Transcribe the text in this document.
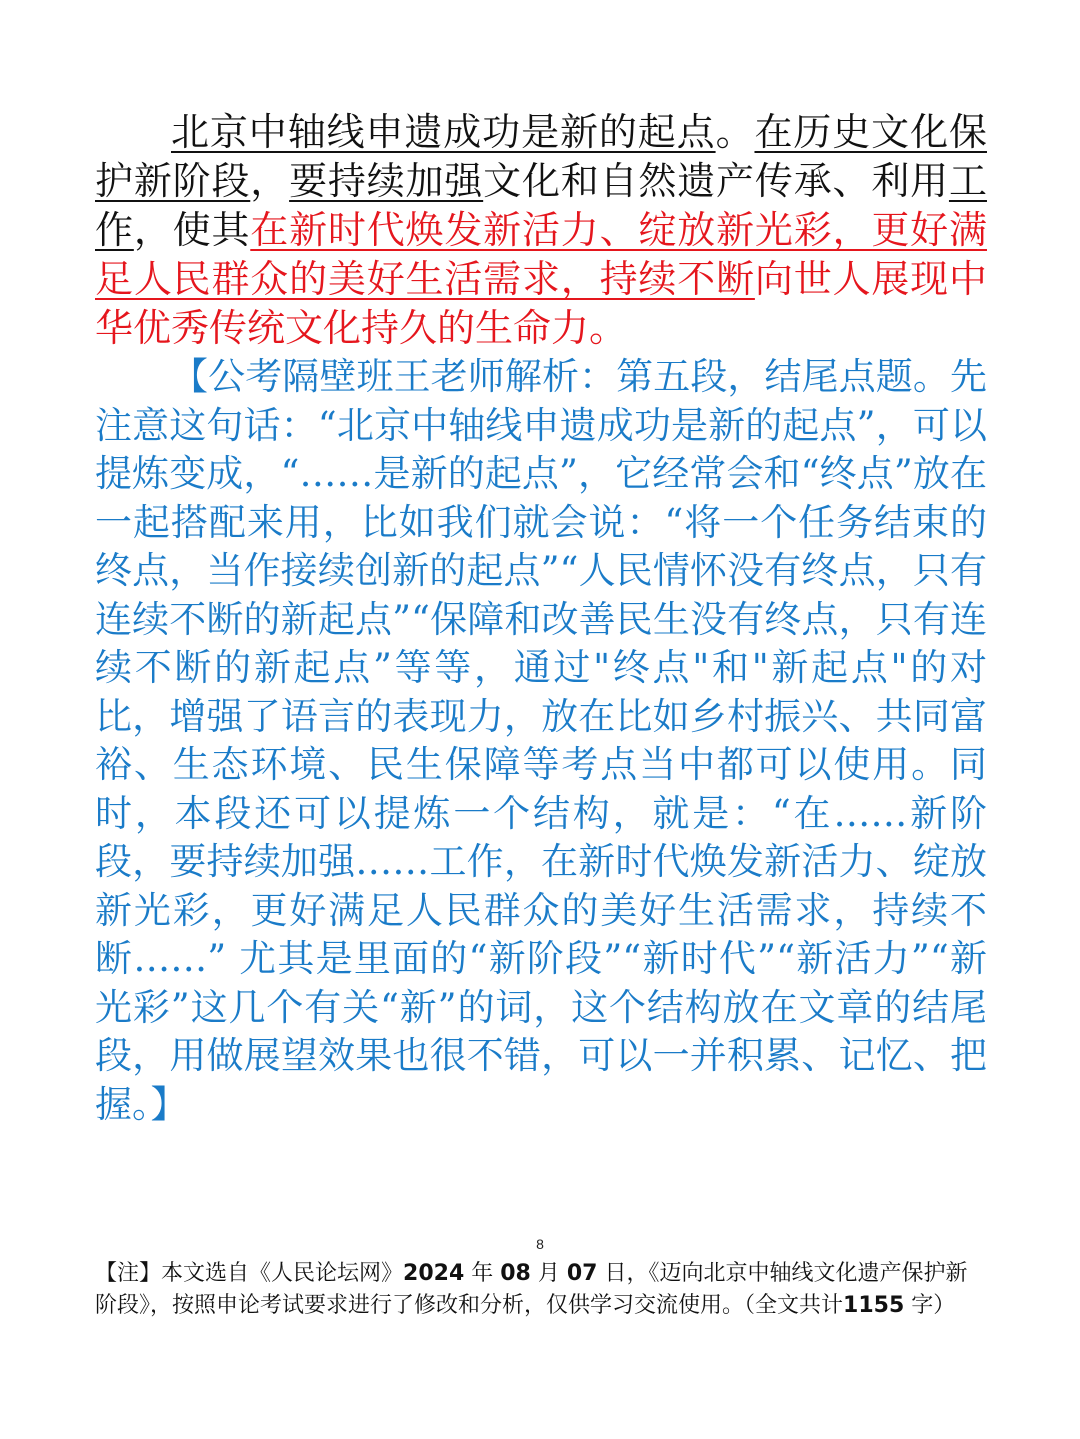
北京中轴线申遗成功是新的起点。在历史文化保护新阶段，要持续加强文化和自然遗产传承、利用工作，使其在新时代焕发新活力、绽放新光彩，更好满足人民群众的美好生活需求，持续不断向世人展现中华优秀传统文化持久的生命力。

【公考隔壁班王老师解析：第五段，结尾点题。先注意这句话：“北京中轴线申遗成功是新的起点”，可以提炼变成，“……是新的起点”，它经常会和“终点”放在一起搭配来用，比如我们就会说：“将一个任务结束的终点，当作接续创新的起点”“人民情怀没有终点，只有连续不断的新起点”“保障和改善民生没有终点，只有连续不断的新起点”等等，通过"终点"和"新起点"的对比，增强了语言的表现力，放在比如乡村振兴、共同富裕、生态环境、民生保障等考点当中都可以使用。同时，本段还可以提炼一个结构，就是：“在……新阶段，要持续加强……工作，在新时代焕发新活力、绽放新光彩，更好满足人民群众的美好生活需求，持续不断……” 尤其是里面的“新阶段”“新时代”“新活力”“新光彩”这几个有关“新”的词，这个结构放在文章的结尾段，用做展望效果也很不错，可以一并积累、记忆、把握。】

8
【注】本文选自《人民论坛网》2024 年 08 月 07 日，《迈向北京中轴线文化遗产保护新阶段》，按照申论考试要求进行了修改和分析，仅供学习交流使用。（全文共计1155 字）
